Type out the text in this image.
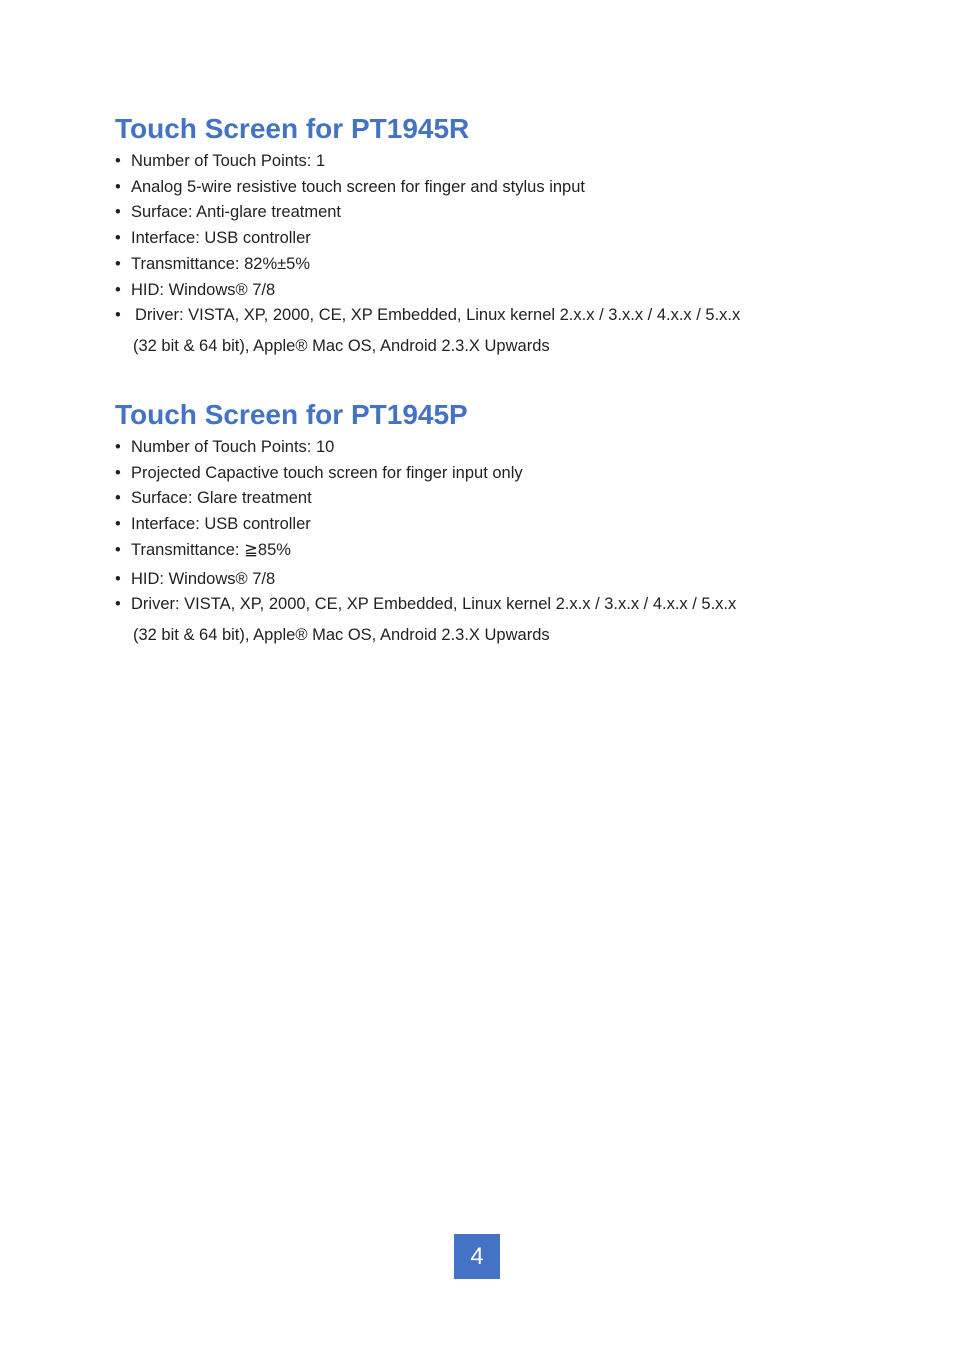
Touch Screen for PT1945R
• Number of Touch Points: 1
• Analog 5-wire resistive touch screen for finger and stylus input
• Surface: Anti-glare treatment
• Interface: USB controller
• Transmittance: 82%±5%
• HID: Windows® 7/8
• Driver: VISTA, XP, 2000, CE, XP Embedded, Linux kernel 2.x.x / 3.x.x / 4.x.x / 5.x.x
(32 bit & 64 bit), Apple® Mac OS, Android 2.3.X Upwards
Touch Screen for PT1945P
• Number of Touch Points: 10
• Projected Capactive touch screen for finger input only
• Surface: Glare treatment
• Interface: USB controller
• Transmittance: ≧85%
• HID: Windows® 7/8
• Driver: VISTA, XP, 2000, CE, XP Embedded, Linux kernel 2.x.x / 3.x.x / 4.x.x / 5.x.x
(32 bit & 64 bit), Apple® Mac OS, Android 2.3.X Upwards
4
